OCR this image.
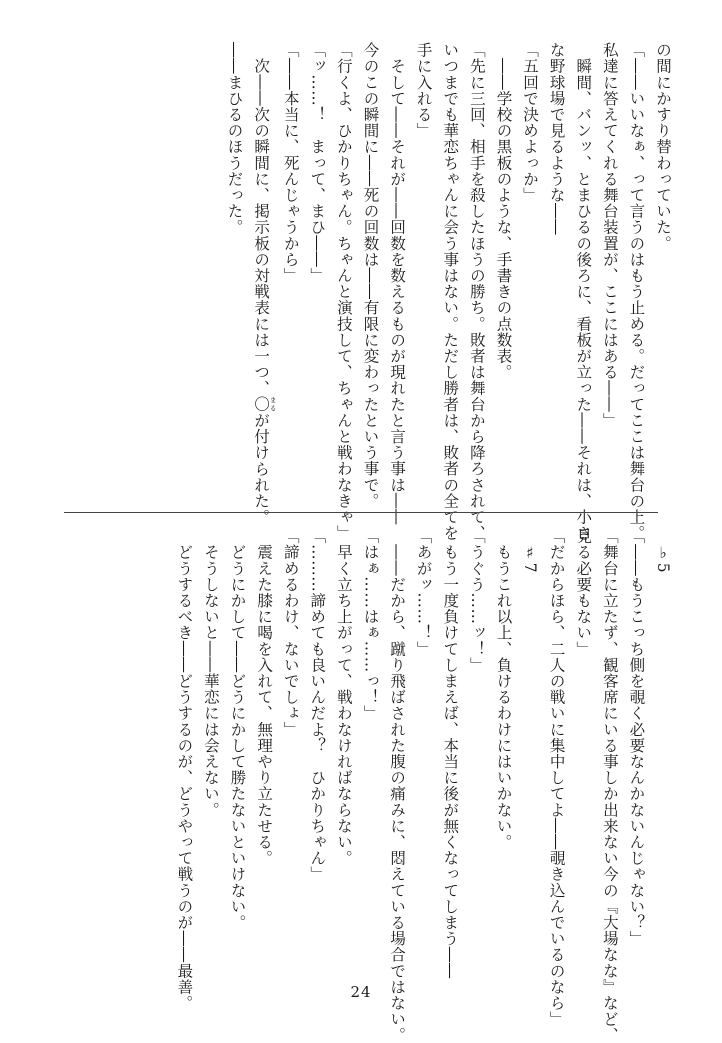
の間にかすり替わっていた。
「――いいなぁ、って言うのはもう止める。だってここは舞台の上。
私達に答えてくれる舞台装置が、ここにはある――」
　瞬間、バンッ、とまひるの後ろに、看板が立った――それは、小さ
な野球場で見るような――
「五回で決めよっか」
　――学校の黒板のような、手書きの点数表。
「先に三回、相手を殺したほうの勝ち。敗者は舞台から降ろされて、
いつまでも華恋ちゃんに会う事はない。ただし勝者は、敗者の全てを
手に入れる」
　そして――それが――回数を数えるものが現れたと言う事は――
今のこの瞬間に――死の回数は――有限に変わったという事で。
「行くよ、ひかりちゃん。ちゃんと演技して、ちゃんと戦わなきゃ」
「ッ……！　まって、まひ――」
「――本当に、死んじゃうから」
　次――次の瞬間に、掲示板の対戦表には一つ、〇 まるが付けられた。
――まひるのほうだった。
　♭5
「――もうこっち側を覗く必要なんかないんじゃない？」
「舞台に立たず、観客席にいる事しか出来ない今の『大場なな』など、
見る必要もない」
「だからほら、二人の戦いに集中してよ――覗き込んでいるのなら」
　♯7
　もうこれ以上、負けるわけにはいかない。
「うぐう……ッ！」
　もう一度負けてしまえば、本当に後が無くなってしまう――
「あがッ……！」
　――だから、蹴り飛ばされた腹の痛みに、悶えている場合ではない。
「はぁ……はぁ……っ！」
　早く立ち上がって、戦わなければならない。
「………諦めても良いんだよ？　ひかりちゃん」
「諦めるわけ、ないでしょ」
　震えた膝に喝を入れて、無理やり立たせる。
　どうにかして――どうにかして勝たないといけない。
　そうしないと――華恋には会えない。
　どうするべき――どうするのが、どうやって戦うのが――最善。	24
